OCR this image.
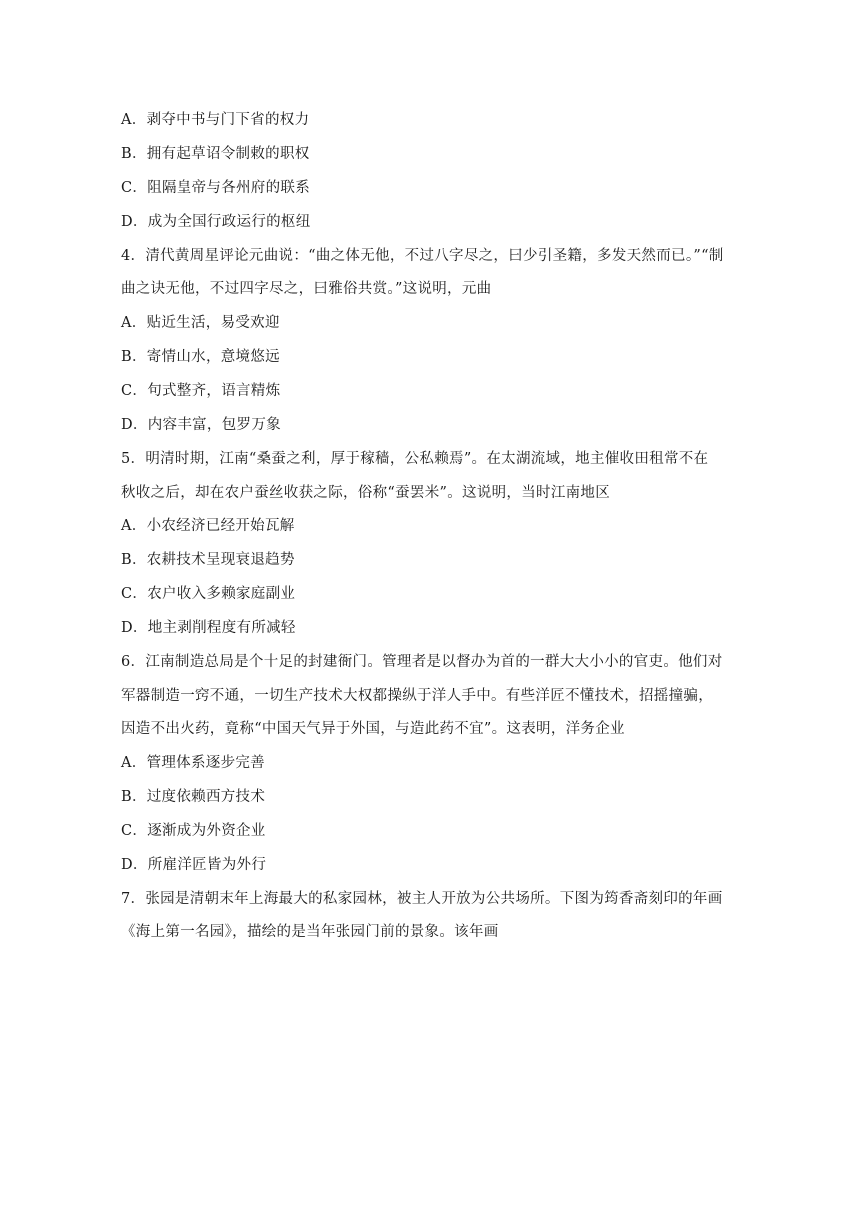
A．剥夺中书与门下省的权力
B．拥有起草诏令制敕的职权
C．阻隔皇帝与各州府的联系
D．成为全国行政运行的枢纽
4．清代黄周星评论元曲说：“曲之体无他，不过八字尽之，曰少引圣籍，多发天然而已。”“制
曲之诀无他，不过四字尽之，曰雅俗共赏。”这说明，元曲
A．贴近生活，易受欢迎
B．寄情山水，意境悠远
C．句式整齐，语言精炼
D．内容丰富，包罗万象
5．明清时期，江南“桑蚕之利，厚于稼穑，公私赖焉”。在太湖流域，地主催收田租常不在
秋收之后，却在农户蚕丝收获之际，俗称“蚕罢米”。这说明，当时江南地区
A．小农经济已经开始瓦解
B．农耕技术呈现衰退趋势
C．农户收入多赖家庭副业
D．地主剥削程度有所减轻
6．江南制造总局是个十足的封建衙门。管理者是以督办为首的一群大大小小的官吏。他们对
军器制造一窍不通，一切生产技术大权都操纵于洋人手中。有些洋匠不懂技术，招摇撞骗，
因造不出火药，竟称“中国天气异于外国，与造此药不宜”。这表明，洋务企业
A．管理体系逐步完善
B．过度依赖西方技术
C．逐渐成为外资企业
D．所雇洋匠皆为外行
7．张园是清朝末年上海最大的私家园林，被主人开放为公共场所。下图为筠香斋刻印的年画
《海上第一名园》，描绘的是当年张园门前的景象。该年画
